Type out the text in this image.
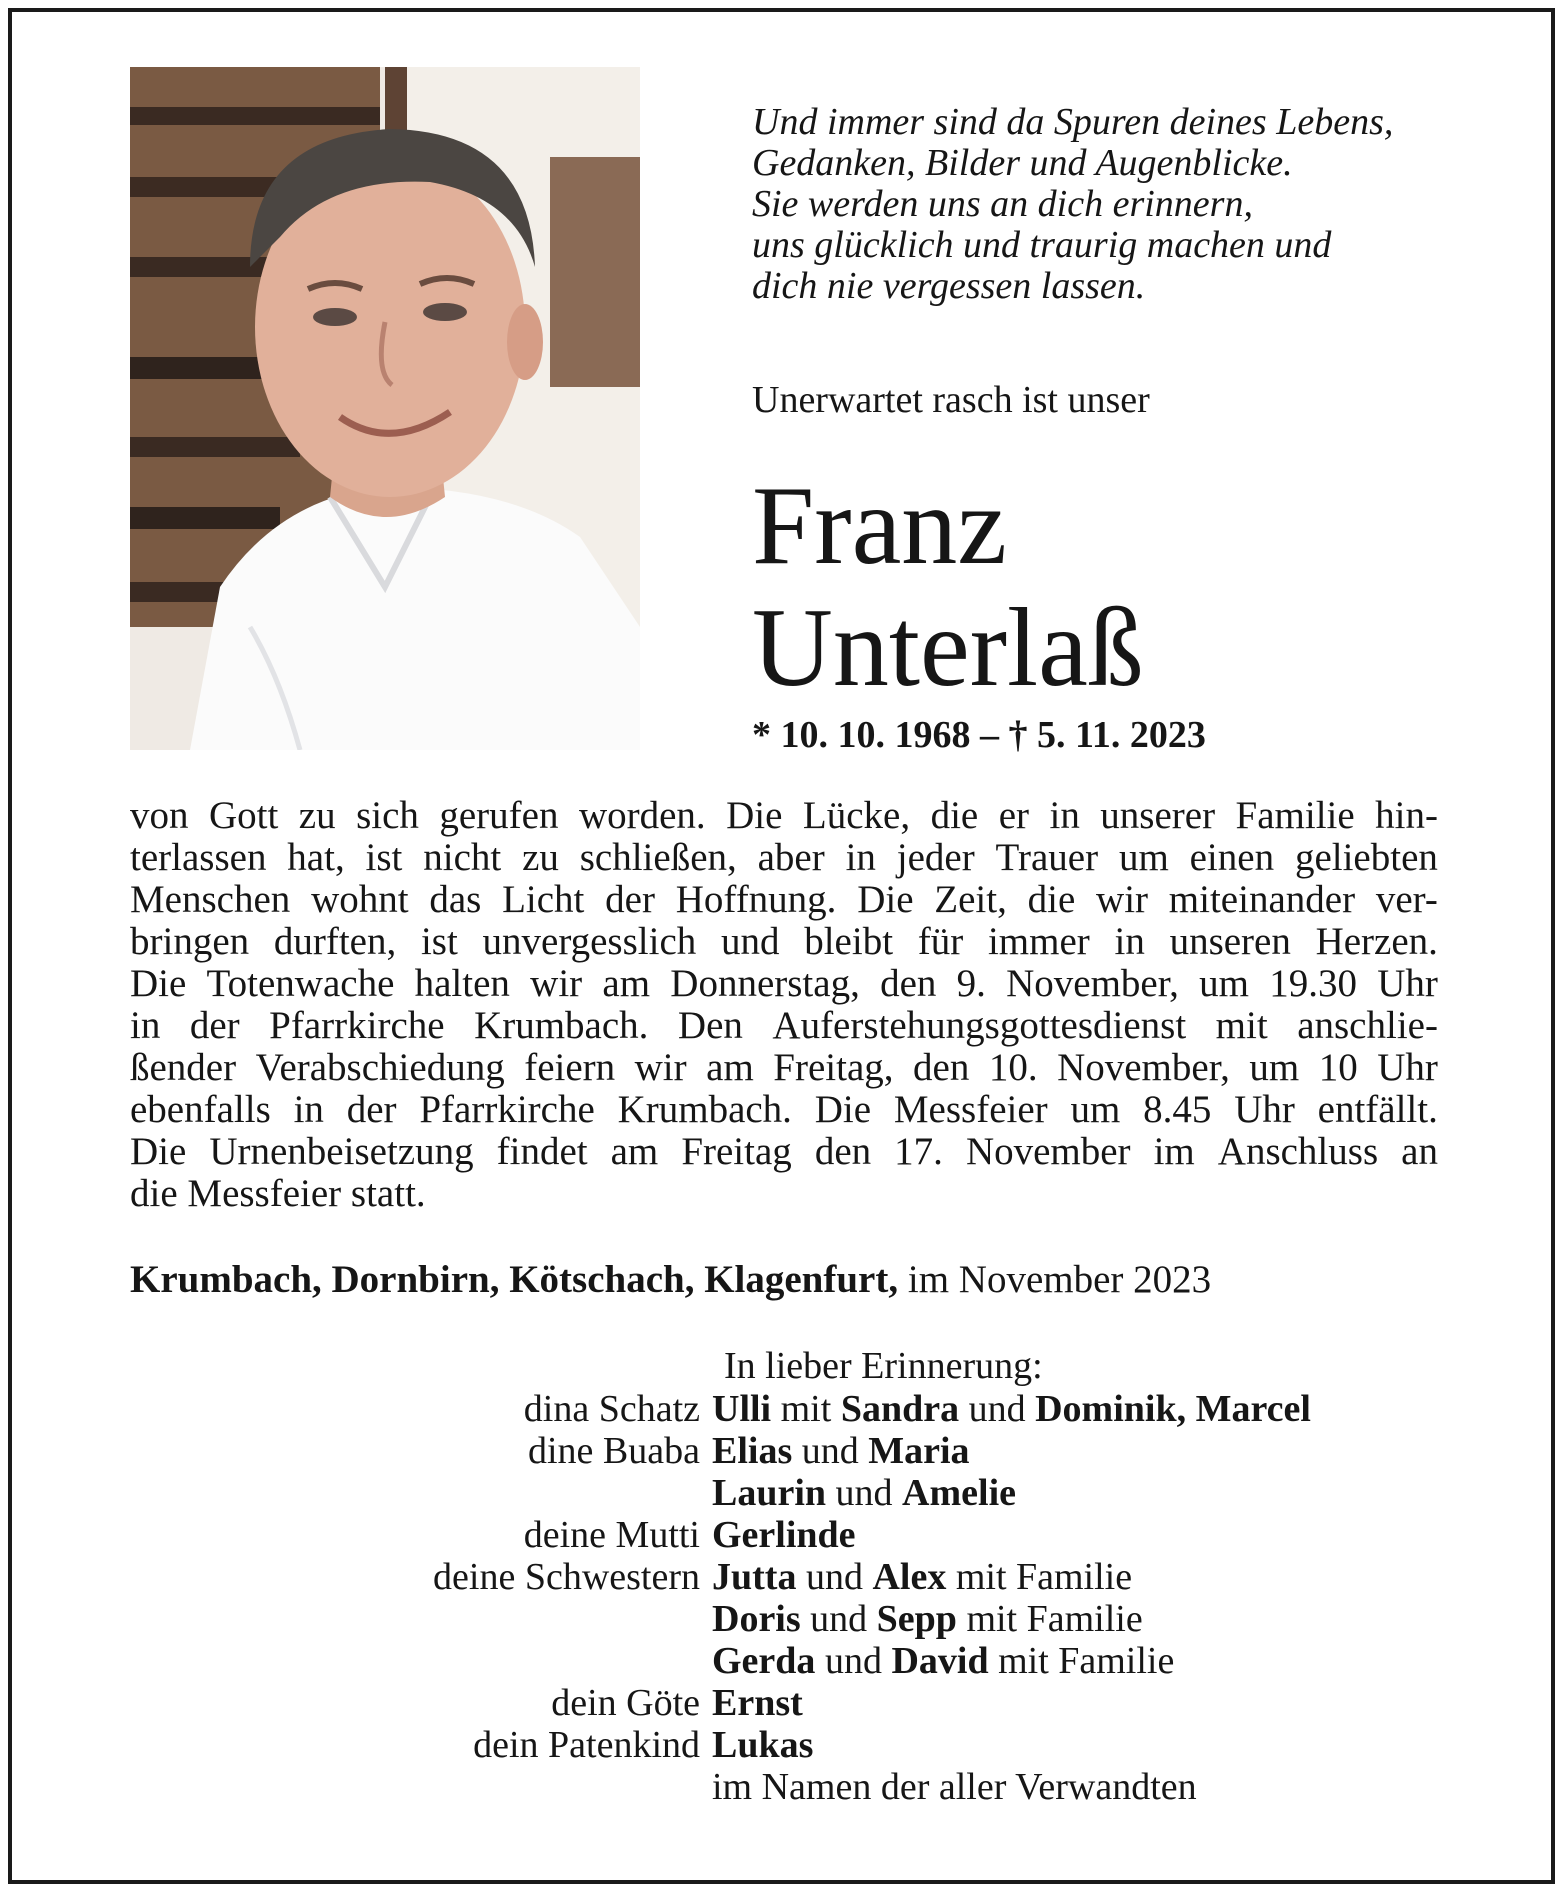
Und immer sind da Spuren deines Lebens,
Gedanken, Bilder und Augenblicke.
Sie werden uns an dich erinnern,
uns glücklich und traurig machen und
dich nie vergessen lassen.

Unerwartet rasch ist unser

Franz
Unterlaß

* 10. 10. 1968 – † 5. 11. 2023

von Gott zu sich gerufen worden. Die Lücke, die er in unserer Familie hin-
terlassen hat, ist nicht zu schließen, aber in jeder Trauer um einen geliebten
Menschen wohnt das Licht der Hoffnung. Die Zeit, die wir miteinander ver-
bringen durften, ist unvergesslich und bleibt für immer in unseren Herzen.
Die Totenwache halten wir am Donnerstag, den 9. November, um 19.30 Uhr
in der Pfarrkirche Krumbach. Den Auferstehungsgottesdienst mit anschlie-
ßender Verabschiedung feiern wir am Freitag, den 10. November, um 10 Uhr
ebenfalls in der Pfarrkirche Krumbach. Die Messfeier um 8.45 Uhr entfällt.
Die Urnenbeisetzung findet am Freitag den 17. November im Anschluss an
die Messfeier statt.

Krumbach, Dornbirn, Kötschach, Klagenfurt, im November 2023

In lieber Erinnerung:

dina Schatz Ulli mit Sandra und Dominik, Marcel
dine Buaba Elias und Maria
Laurin und Amelie
deine Mutti Gerlinde
deine Schwestern Jutta und Alex mit Familie
Doris und Sepp mit Familie
Gerda und David mit Familie
dein Göte Ernst
dein Patenkind Lukas
im Namen der aller Verwandten
